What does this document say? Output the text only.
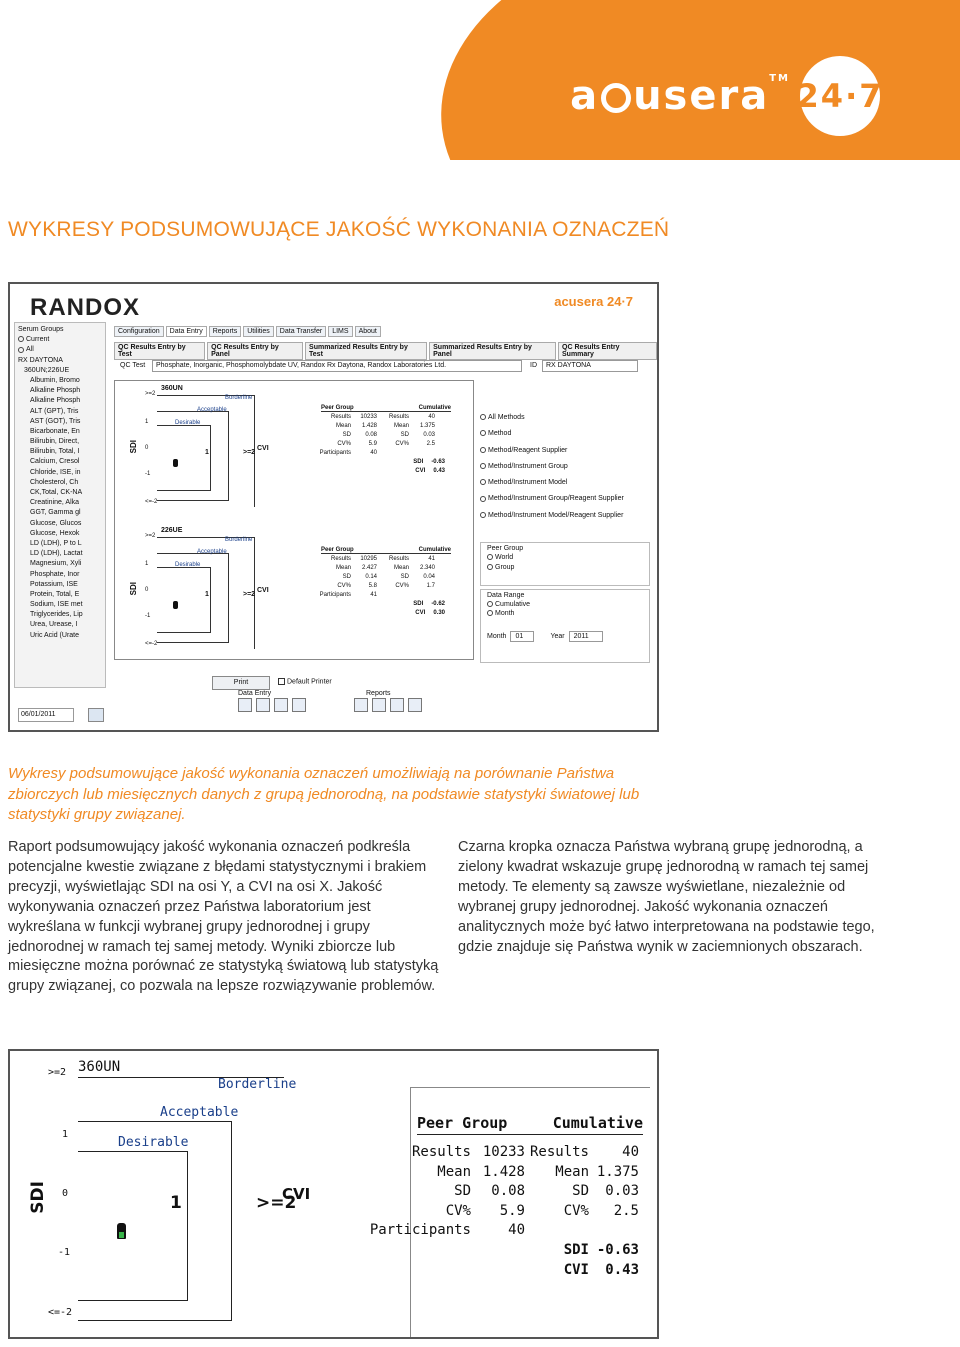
a usera TM 24·7
WYKRESY PODSUMOWUJĄCE JAKOŚĆ WYKONANIA OZNACZEŃ
RANDOX	acusera 24·7
Serum Groups
Current
All
RX DAYTONA
360UN;226UE
Albumin, Bromo
Alkaline Phosph
Alkaline Phosph
ALT (GPT), Tris
AST (GOT), Tris
Bicarbonate, En
Bilirubin, Direct,
Bilirubin, Total, I
Calcium, Cresol
Chloride, ISE, in
Cholesterol, Ch
CK,Total, CK-NA
Creatinine, Alka
GGT, Gamma gl
Glucose, Glucos
Glucose, Hexok
LD (LDH), P to L
LD (LDH), Lactat
Magnesium, Xyli
Phosphate, Inor
Potassium, ISE
Protein, Total, E
Sodium, ISE met
Triglycerides, Lip
Urea, Urease, I
Uric Acid (Urate
06/01/2011
Configuration	Data Entry	Reports	Utilities	Data Transfer	LIMS	About
QC Results Entry by Test
QC Results Entry by Panel
Summarized Results Entry by Test
Summarized Results Entry by Panel
QC Results Entry Summary
QC Test	Phosphate, Inorganic, Phosphomolybdate UV, Randox Rx Daytona, Randox Laboratories Ltd.	ID	RX DAYTONA
360UN
SDI
>=2
1
0
-1
<=-2
Borderline
Acceptable
Desirable
1	>=2
CVI
Peer Group	Cumulative
Results 10233 Results	40
Mean 1.428	Mean 1.375
SD 0.08	SD 0.03
CV%	5.9	CV%	2.5
Participants	40
SDI -0.63
CVI 0.43
226UE
SDI
>=2
1
0
-1
<=-2
Borderline
Acceptable
Desirable
1	>=2
CVI
Peer Group	Cumulative
Results 10295 Results	41
Mean 2.427	Mean 2.340
SD 0.14	SD 0.04
CV%	5.8	CV%	1.7
Participants	41
SDI -0.62
CVI 0.30
All Methods
Method
Method/Reagent Supplier
Method/Instrument Group
Method/Instrument Model
Method/Instrument Group/Reagent Supplier
Method/Instrument Model/Reagent Supplier
Peer Group
World
Group
Data Range
Cumulative
Month
Month	01	Year	2011
Print	Default Printer
Data Entry	Reports
Wykresy podsumowujące jakość wykonania oznaczeń umożliwiają na porównanie Państwa zbiorczych lub miesięcznych danych z grupą jednorodną, na podstawie statystyki światowej lub statystyki grupy związanej.
Raport podsumowujący jakość wykonania oznaczeń podkreśla potencjalne kwestie związane z błędami statystycznymi i brakiem precyzji, wyświetlając SDI na osi Y, a CVI na osi X. Jakość wykonywania oznaczeń przez Państwa laboratorium jest wykreślana w funkcji wybranej grupy jednorodnej i grupy jednorodnej w ramach tej samej metody. Wyniki zbiorcze lub miesięczne można porównać ze statystyką światową lub statystyką grupy związanej, co pozwala na lepsze rozwiązywanie problemów.
Czarna kropka oznacza Państwa wybraną grupę jednorodną, a zielony kwadrat wskazuje grupę jednorodną w ramach tej samej metody. Te elementy są zawsze wyświetlane, niezależnie od wybranej grupy jednorodnej. Jakość wykonania oznaczeń analitycznych może być łatwo interpretowana na podstawie tego, gdzie znajduje się Państwa wynik w zaciemnionych obszarach.
360UN
SDI
>=2
1
0
-1
<=-2
Borderline
Acceptable
Desirable
1	>=2
CVI
Peer Group	Cumulative
Results 10233 Results 40
Mean 1.428 Mean 1.375
SD 0.08	SD 0.03
CV% 5.9	CV% 2.5
Participants	40
SDI -0.63
CVI 0.43
